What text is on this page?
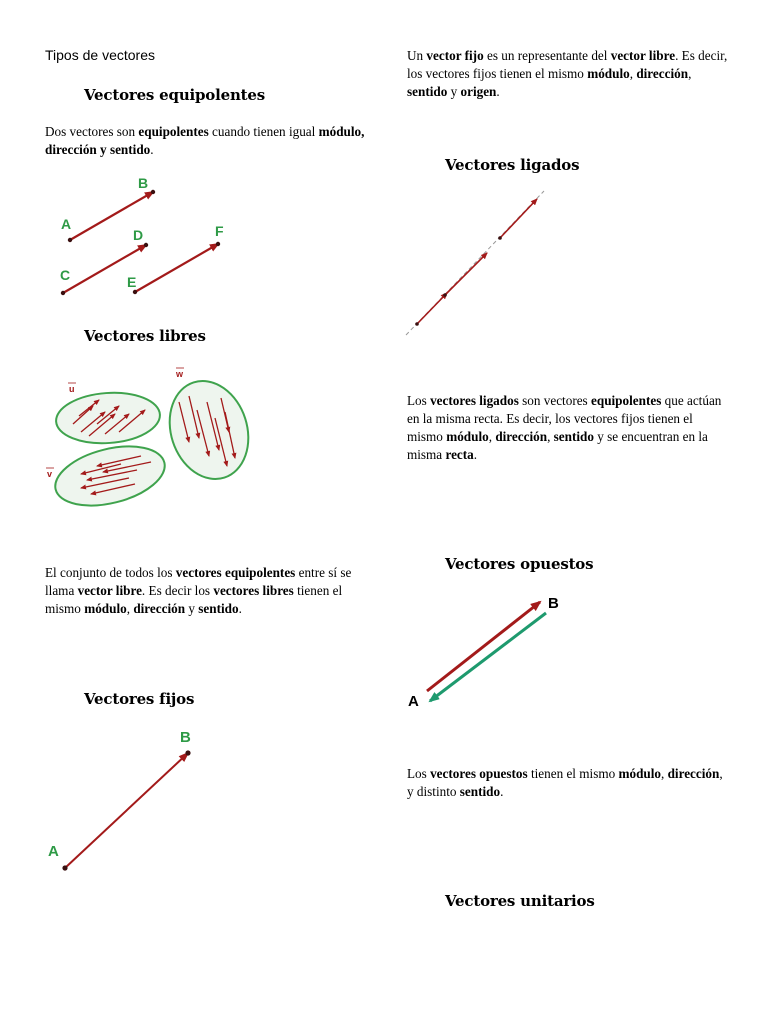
Tipos de vectores
Vectores equipolentes
Dos vectores son equipolentes cuando tienen igual módulo, dirección y sentido.
A
B
C
D
E
F
Vectores libres
u
v
w
El conjunto de todos los vectores equipolentes entre sí se llama vector libre. Es decir los vectores libres tienen el mismo módulo, dirección y sentido.
Vectores fijos
A
B
Un vector fijo es un representante del vector libre. Es decir, los vectores fijos tienen el mismo módulo, dirección, sentido y origen.
Vectores ligados
Los vectores ligados son vectores equipolentes que actúan en la misma recta. Es decir, los vectores fijos tienen el mismo módulo, dirección, sentido y se encuentran en la misma recta.
Vectores opuestos
A
B
Los vectores opuestos tienen el mismo módulo, dirección, y distinto sentido.
Vectores unitarios
